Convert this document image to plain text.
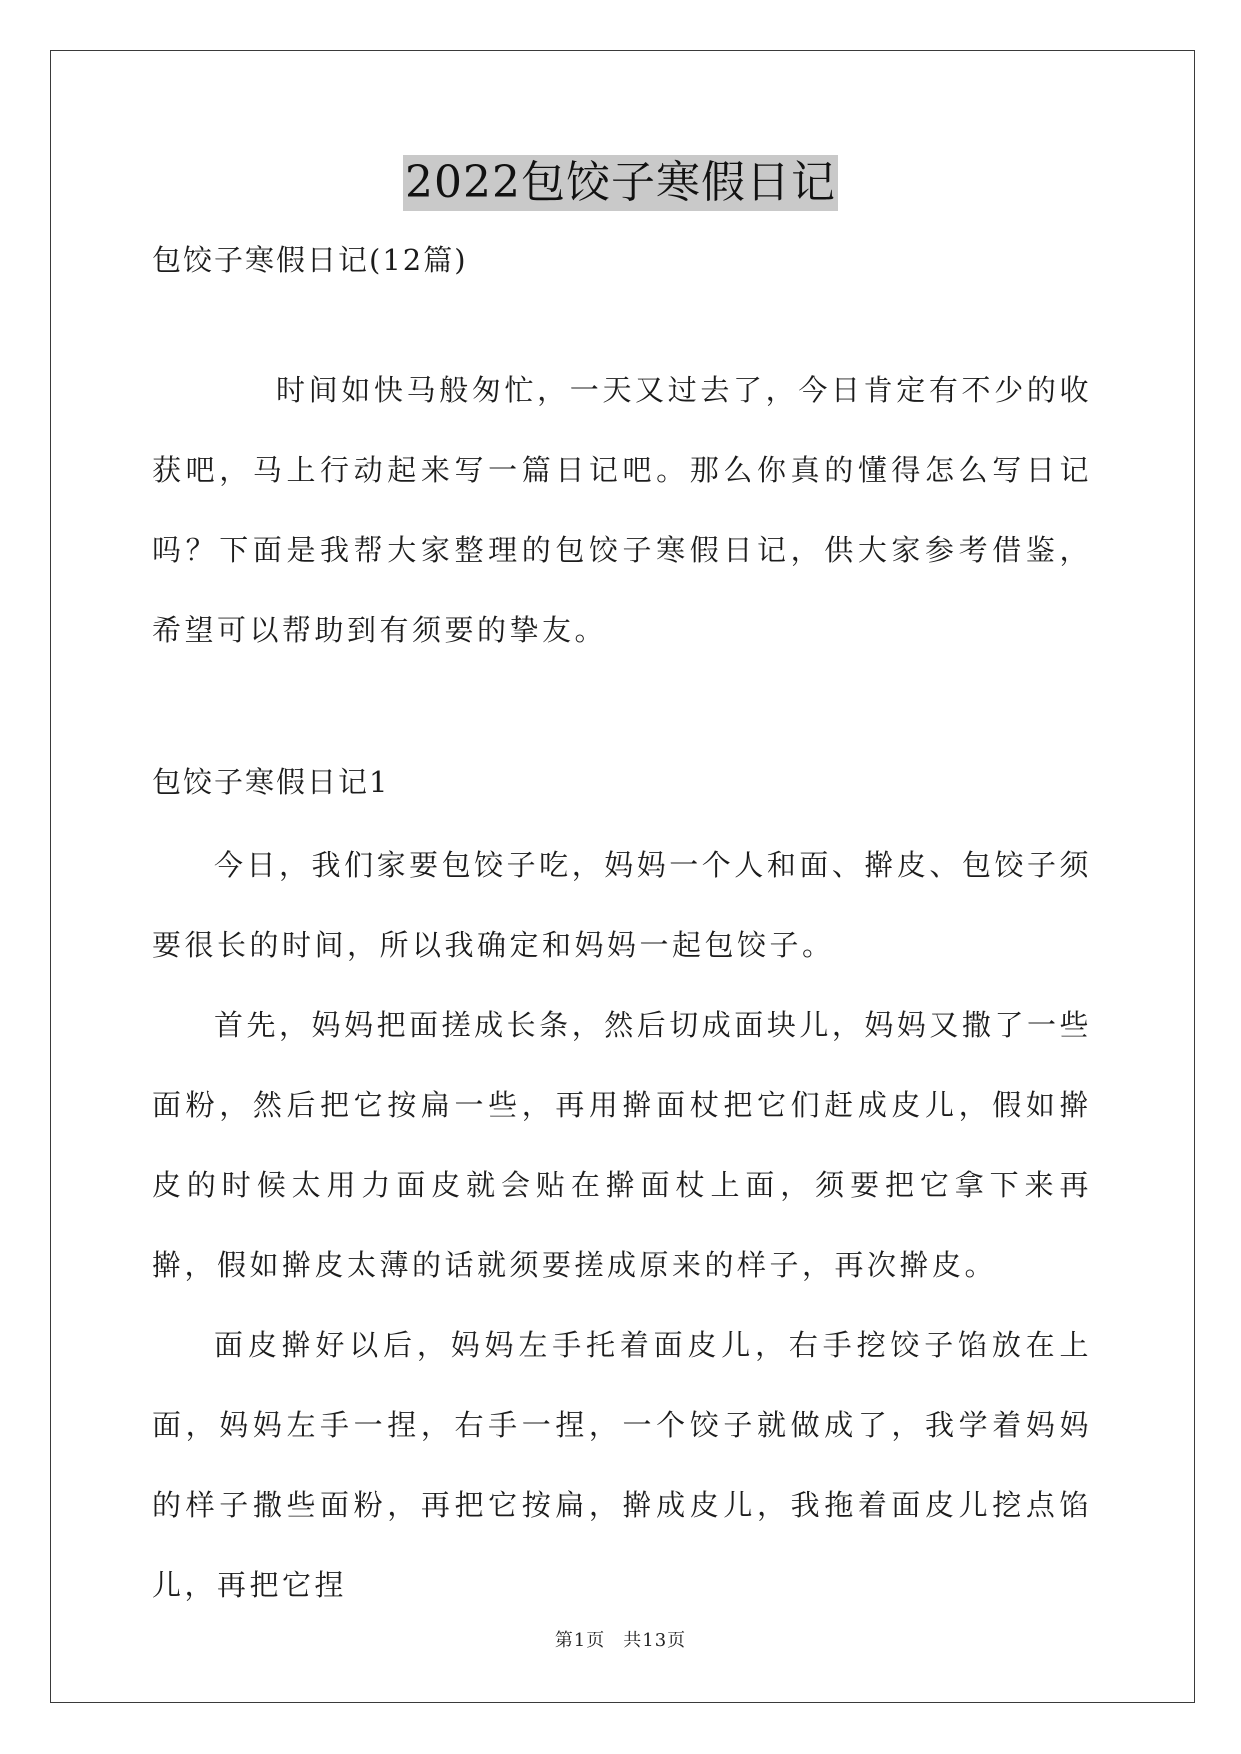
2022包饺子寒假日记
包饺子寒假日记(12篇)
时间如快马般匆忙，一天又过去了，今日肯定有不少的收获吧，马上行动起来写一篇日记吧。那么你真的懂得怎么写日记吗？下面是我帮大家整理的包饺子寒假日记，供大家参考借鉴，希望可以帮助到有须要的挚友。
包饺子寒假日记1

今日，我们家要包饺子吃，妈妈一个人和面、擀皮、包饺子须要很长的时间，所以我确定和妈妈一起包饺子。

首先，妈妈把面搓成长条，然后切成面块儿，妈妈又撒了一些面粉，然后把它按扁一些，再用擀面杖把它们赶成皮儿，假如擀皮的时候太用力面皮就会贴在擀面杖上面，须要把它拿下来再擀，假如擀皮太薄的话就须要搓成原来的样子，再次擀皮。

面皮擀好以后，妈妈左手托着面皮儿，右手挖饺子馅放在上面，妈妈左手一捏，右手一捏，一个饺子就做成了，我学着妈妈的样子撒些面粉，再把它按扁，擀成皮儿，我拖着面皮儿挖点馅儿，再把它捏

第1页 共13页
